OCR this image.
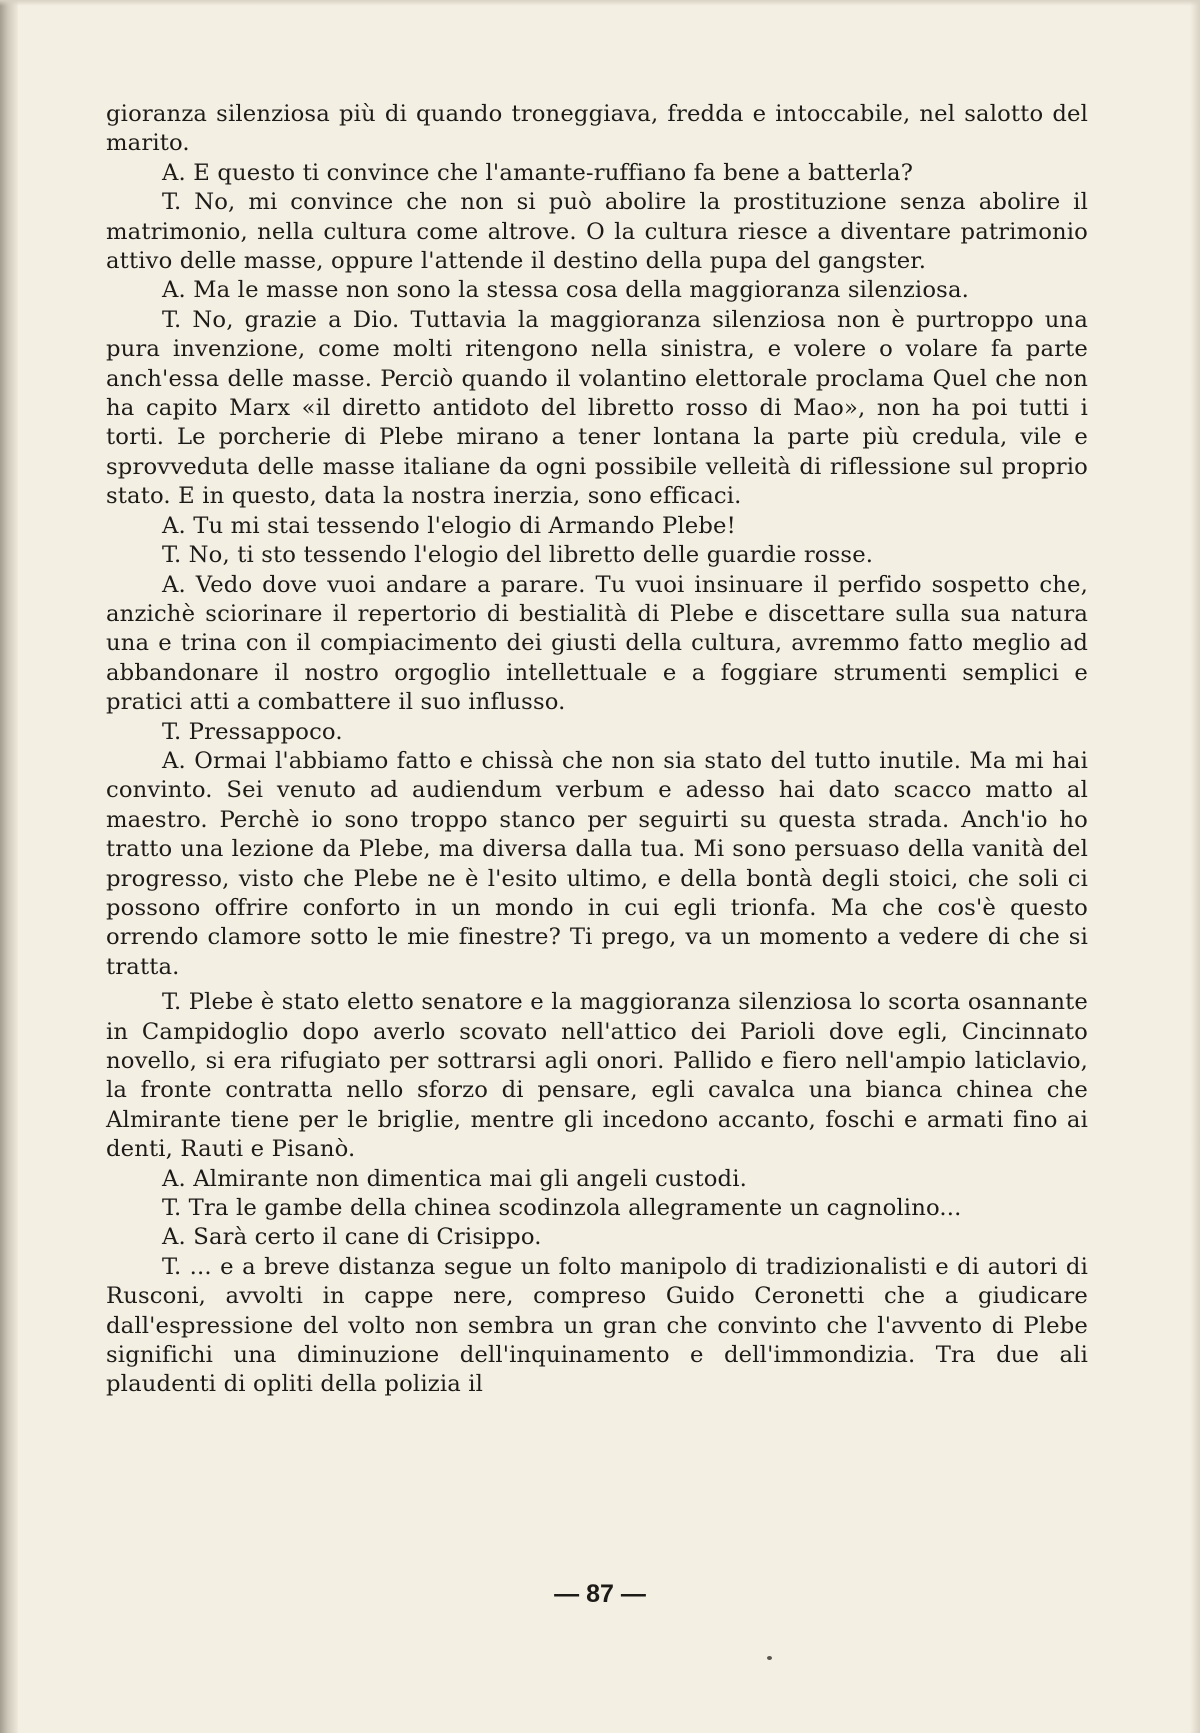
gioranza silenziosa più di quando troneggiava, fredda e intoccabile, nel salotto del marito.

A. E questo ti convince che l'amante-ruffiano fa bene a batterla?

T. No, mi convince che non si può abolire la prostituzione senza abolire il matrimonio, nella cultura come altrove. O la cultura riesce a diventare patrimonio attivo delle masse, oppure l'attende il destino della pupa del gangster.

A. Ma le masse non sono la stessa cosa della maggioranza silenziosa.

T. No, grazie a Dio. Tuttavia la maggioranza silenziosa non è purtroppo una pura invenzione, come molti ritengono nella sinistra, e volere o volare fa parte anch'essa delle masse. Perciò quando il volantino elettorale proclama Quel che non ha capito Marx «il diretto antidoto del libretto rosso di Mao», non ha poi tutti i torti. Le porcherie di Plebe mirano a tener lontana la parte più credula, vile e sprovveduta delle masse italiane da ogni possibile velleità di riflessione sul proprio stato. E in questo, data la nostra inerzia, sono efficaci.

A. Tu mi stai tessendo l'elogio di Armando Plebe!

T. No, ti sto tessendo l'elogio del libretto delle guardie rosse.

A. Vedo dove vuoi andare a parare. Tu vuoi insinuare il perfido sospetto che, anzichè sciorinare il repertorio di bestialità di Plebe e discettare sulla sua natura una e trina con il compiacimento dei giusti della cultura, avremmo fatto meglio ad abbandonare il nostro orgoglio intellettuale e a foggiare strumenti semplici e pratici atti a combattere il suo influsso.

T. Pressappoco.

A. Ormai l'abbiamo fatto e chissà che non sia stato del tutto inutile. Ma mi hai convinto. Sei venuto ad audiendum verbum e adesso hai dato scacco matto al maestro. Perchè io sono troppo stanco per seguirti su questa strada. Anch'io ho tratto una lezione da Plebe, ma diversa dalla tua. Mi sono persuaso della vanità del progresso, visto che Plebe ne è l'esito ultimo, e della bontà degli stoici, che soli ci possono offrire conforto in un mondo in cui egli trionfa. Ma che cos'è questo orrendo clamore sotto le mie finestre? Ti prego, va un momento a vedere di che si tratta.

T. Plebe è stato eletto senatore e la maggioranza silenziosa lo scorta osannante in Campidoglio dopo averlo scovato nell'attico dei Parioli dove egli, Cincinnato novello, si era rifugiato per sottrarsi agli onori. Pallido e fiero nell'ampio laticlavio, la fronte contratta nello sforzo di pensare, egli cavalca una bianca chinea che Almirante tiene per le briglie, mentre gli incedono accanto, foschi e armati fino ai denti, Rauti e Pisanò.

A. Almirante non dimentica mai gli angeli custodi.

T. Tra le gambe della chinea scodinzola allegramente un cagnolino...

A. Sarà certo il cane di Crisippo.

T. ... e a breve distanza segue un folto manipolo di tradizionalisti e di autori di Rusconi, avvolti in cappe nere, compreso Guido Ceronetti che a giudicare dall'espressione del volto non sembra un gran che convinto che l'avvento di Plebe significhi una diminuzione dell'inquinamento e dell'immondizia. Tra due ali plaudenti di opliti della polizia il

— 87 —
